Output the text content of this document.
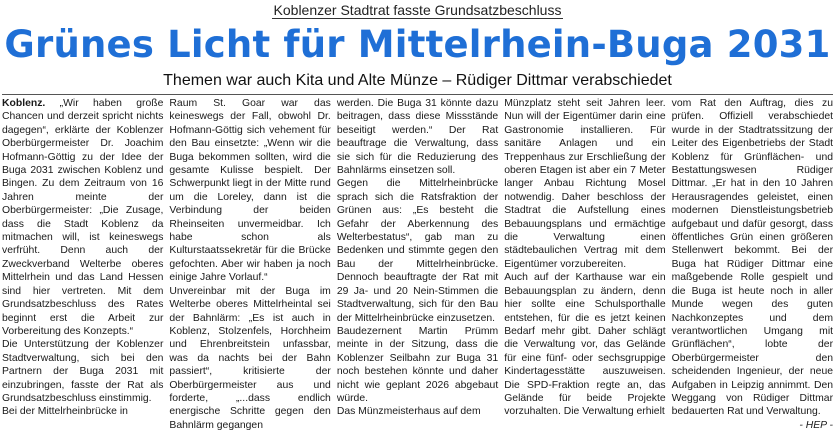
Koblenzer Stadtrat fasste Grundsatzbeschluss
Grünes Licht für Mittelrhein-Buga 2031
Themen war auch Kita und Alte Münze – Rüdiger Dittmar verabschiedet

Koblenz. „Wir haben große Chancen und derzeit spricht nichts dagegen“, erklärte der Koblenzer Oberbürgermeister Dr. Joachim Hofmann-Göttig zu der Idee der Buga 2031 zwischen Koblenz und Bingen. Zu dem Zeitraum von 16 Jahren meinte der Oberbürgermeister: „Die Zusage, dass die Stadt Koblenz da mitmachen will, ist keineswegs verfrüht. Denn auch der Zweckverband Welterbe oberes Mittelrhein und das Land Hessen sind hier vertreten. Mit dem Grundsatzbeschluss des Rates beginnt erst die Arbeit zur Vorbereitung des Konzepts.“

Die Unterstützung der Koblenzer Stadtverwaltung, sich bei den Partnern der Buga 2031 mit einzubringen, fasste der Rat als Grundsatzbeschluss einstimmig.

Bei der Mittelrheinbrücke in

Raum St. Goar war das keineswegs der Fall, obwohl Dr. Hofmann-Göttig sich vehement für den Bau einsetzte: „Wenn wir die Buga bekommen sollten, wird die gesamte Kulisse bespielt. Der Schwerpunkt liegt in der Mitte rund um die Loreley, dann ist die Verbindung der beiden Rheinseiten unvermeidbar. Ich habe schon als Kulturstaatssekretär für die Brücke gefochten. Aber wir haben ja noch einige Jahre Vorlauf.“

Unvereinbar mit der Buga im Welterbe oberes Mittelrheintal sei der Bahnlärm: „Es ist auch in Koblenz, Stolzenfels, Horchheim und Ehrenbreitstein unfassbar, was da nachts bei der Bahn passiert“, kritisierte der Oberbürgermeister aus und forderte, „...dass endlich energische Schritte gegen den Bahnlärm gegangen

werden. Die Buga 31 könnte dazu beitragen, dass diese Missstände beseitigt werden.“ Der Rat beauftrage die Verwaltung, dass sie sich für die Reduzierung des Bahnlärms einsetzen soll.

Gegen die Mittelrheinbrücke sprach sich die Ratsfraktion der Grünen aus: „Es besteht die Gefahr der Aberkennung des Welterbestatus“, gab man zu Bedenken und stimmte gegen den Bau der Mittelrheinbrücke. Dennoch beauftragte der Rat mit 29 Ja- und 20 Nein-Stimmen die Stadtverwaltung, sich für den Bau der Mittelrheinbrücke einzusetzen.

Baudezernent Martin Prümm meinte in der Sitzung, dass die Koblenzer Seilbahn zur Buga 31 noch bestehen könnte und daher nicht wie geplant 2026 abgebaut würde.

Das Münzmeisterhaus auf dem

Münzplatz steht seit Jahren leer. Nun will der Eigentümer darin eine Gastronomie installieren. Für sanitäre Anlagen und ein Treppenhaus zur Erschließung der oberen Etagen ist aber ein 7 Meter langer Anbau Richtung Mosel notwendig. Daher beschloss der Stadtrat die Aufstellung eines Bebauungsplans und ermächtige die Verwaltung einen städtebaulichen Vertrag mit dem Eigentümer vorzubereiten.

Auch auf der Karthause war ein Bebauungsplan zu ändern, denn hier sollte eine Schulsporthalle entstehen, für die es jetzt keinen Bedarf mehr gibt. Daher schlägt die Verwaltung vor, das Gelände für eine fünf- oder sechsgruppige Kindertagesstätte auszuweisen. Die SPD-Fraktion regte an, das Gelände für beide Projekte vorzuhalten. Die Verwaltung erhielt

vom Rat den Auftrag, dies zu prüfen. Offiziell verabschiedet wurde in der Stadtratssitzung der Leiter des Eigenbetriebs der Stadt Koblenz für Grünflächen- und Bestattungswesen Rüdiger Dittmar. „Er hat in den 10 Jahren Herausragendes geleistet, einen modernen Dienstleistungsbetrieb aufgebaut und dafür gesorgt, dass öffentliches Grün einen größeren Stellenwert bekommt. Bei der Buga hat Rüdiger Dittmar eine maßgebende Rolle gespielt und die Buga ist heute noch in aller Munde wegen des guten Nachkonzeptes und dem verantwortlichen Umgang mit Grünflächen“, lobte der Oberbürgermeister den scheidenden Ingenieur, der neue Aufgaben in Leipzig annimmt. Den Weggang von Rüdiger Dittmar bedauerten Rat und Verwaltung.

- HEP -
